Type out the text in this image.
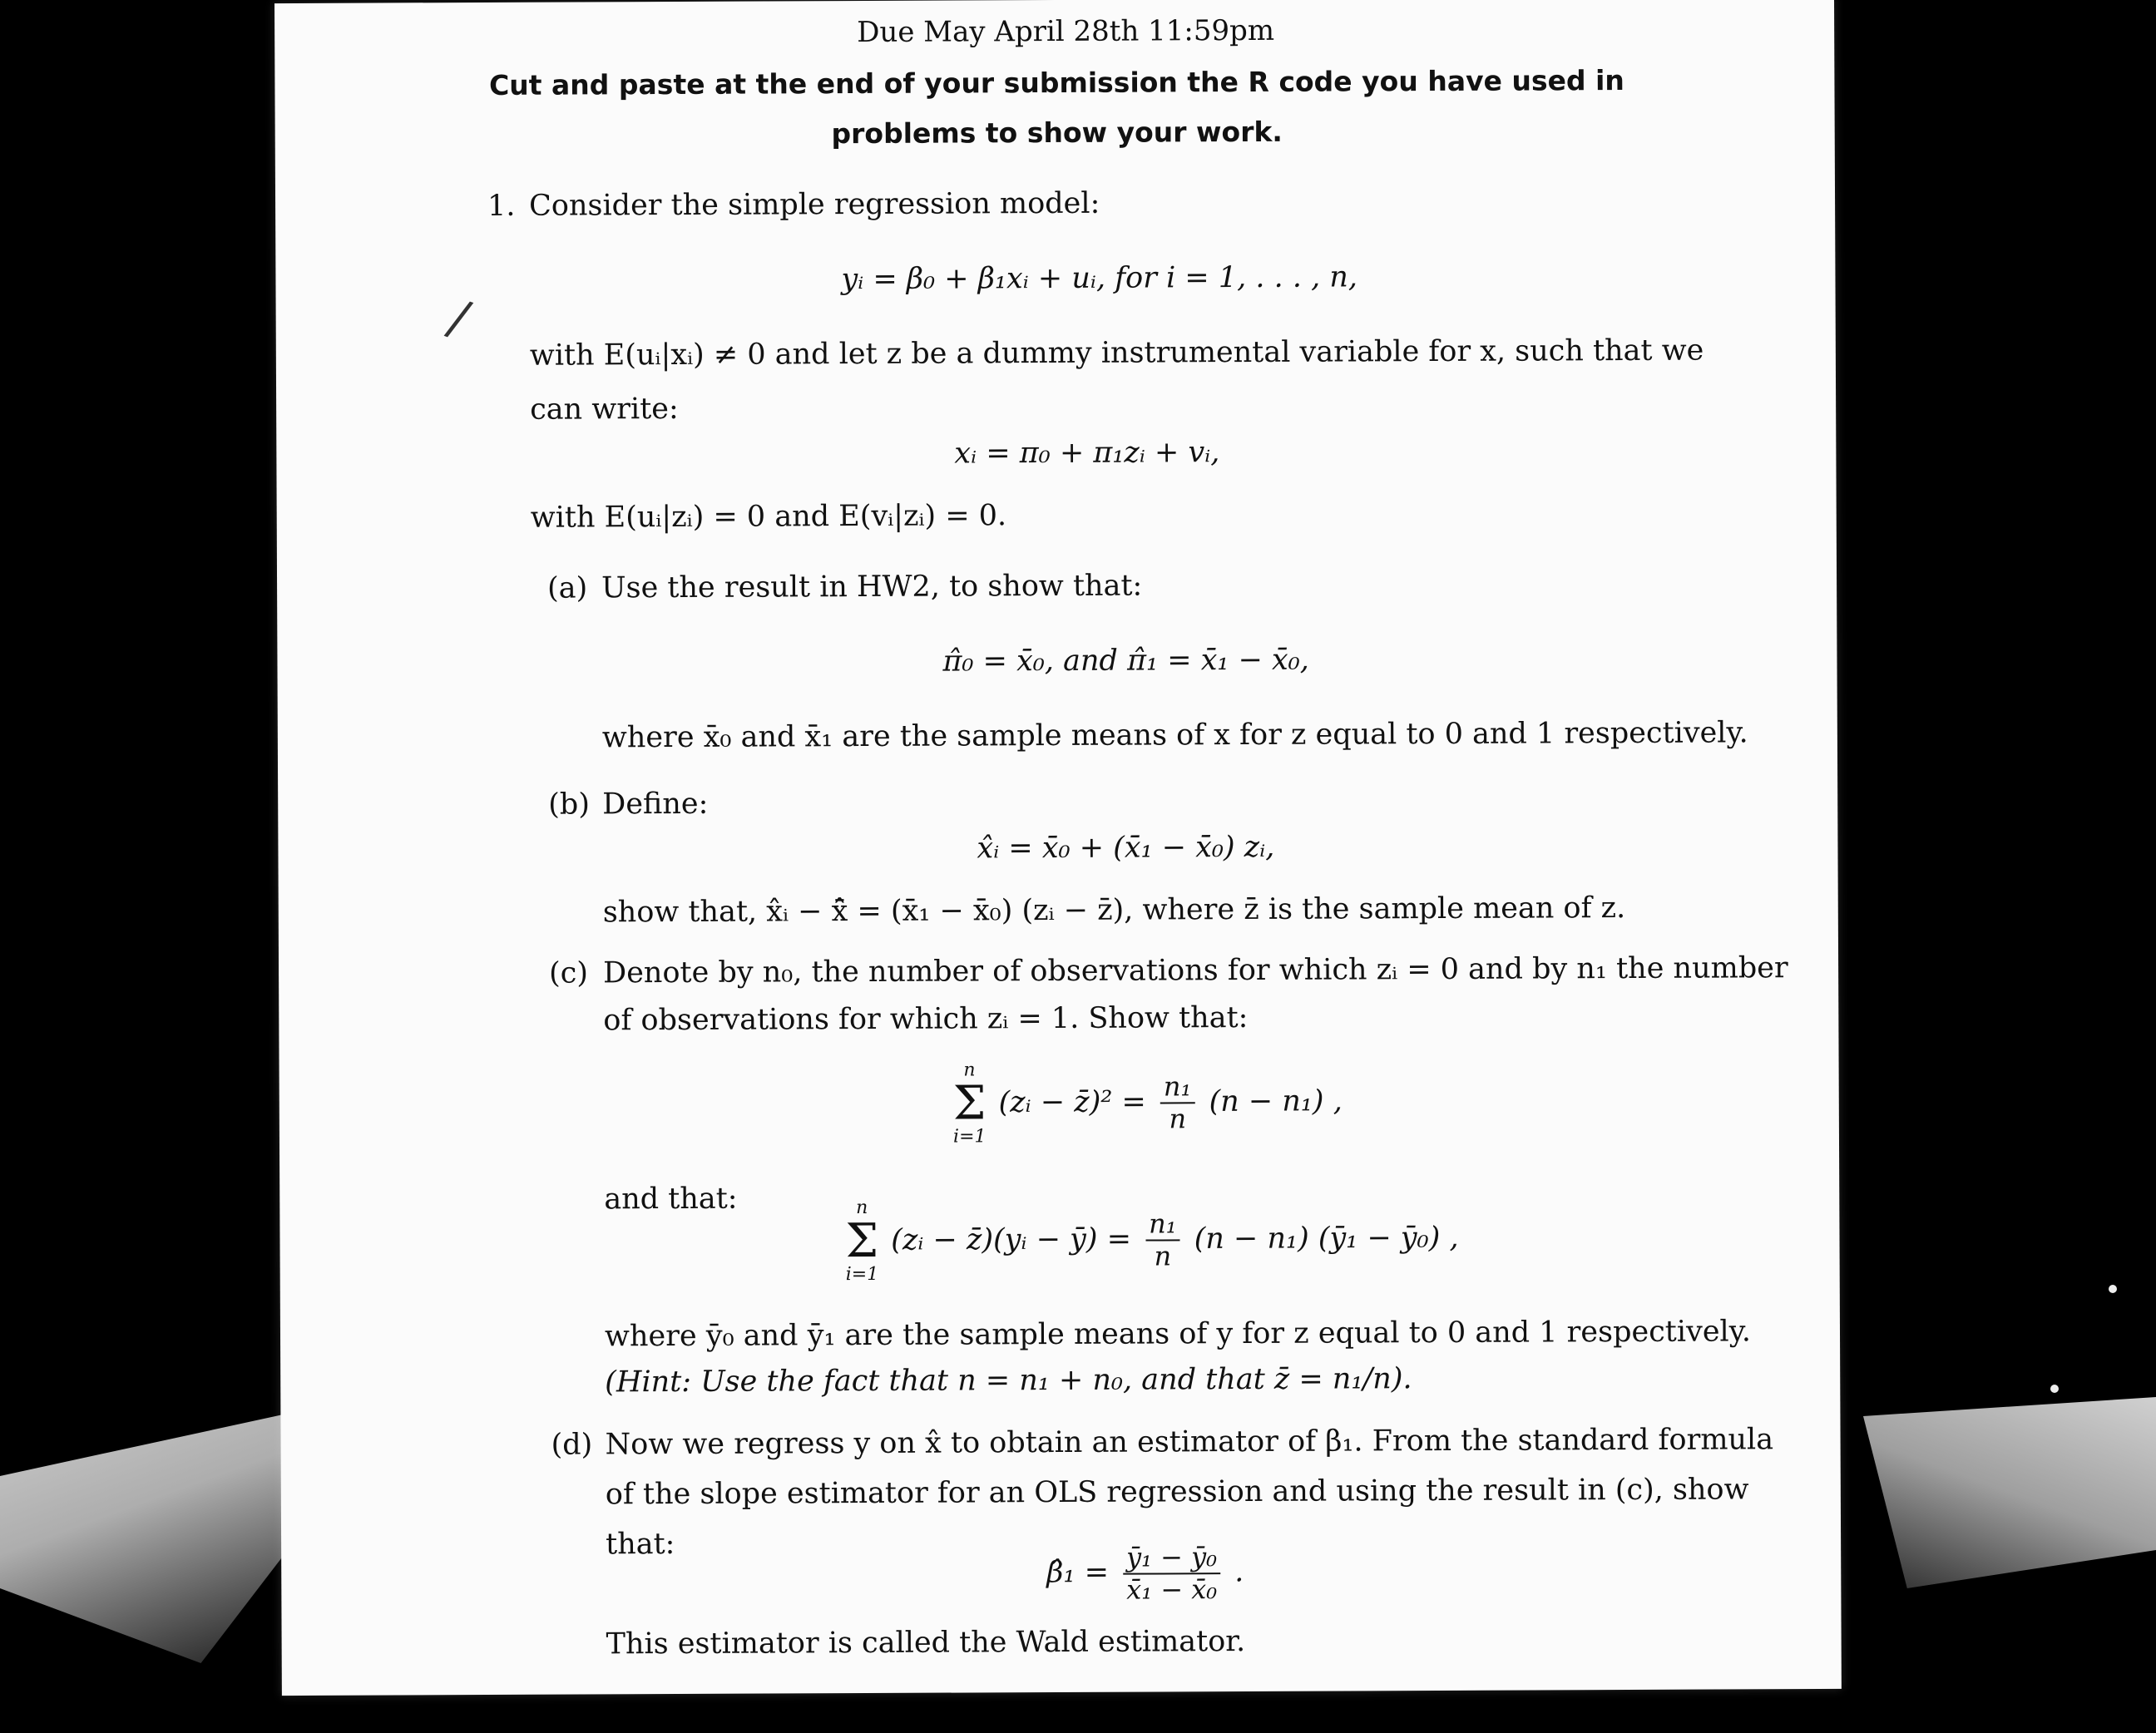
Due May April 28th 11:59pm
Cut and paste at the end of your submission the R code you have used in problems to show your work.
/
1. Consider the simple regression model:
yᵢ = β₀ + β₁xᵢ + uᵢ, for i = 1, . . . , n,
with E(uᵢ|xᵢ) ≠ 0 and let z be a dummy instrumental variable for x, such that we
can write:
xᵢ = π₀ + π₁zᵢ + vᵢ,
with E(uᵢ|zᵢ) = 0 and E(vᵢ|zᵢ) = 0.
(a) Use the result in HW2, to show that:
π̂₀ = x̄₀, and π̂₁ = x̄₁ − x̄₀,
where x̄₀ and x̄₁ are the sample means of x for z equal to 0 and 1 respectively.
(b) Define:
x̂ᵢ = x̄₀ + (x̄₁ − x̄₀) zᵢ,
show that, x̂ᵢ − x̄̂ = (x̄₁ − x̄₀) (zᵢ − z̄), where z̄ is the sample mean of z.
(c) Denote by n₀, the number of observations for which zᵢ = 0 and by n₁ the number
of observations for which zᵢ = 1. Show that:
n
Σ
i=1
(zᵢ − z̄)² = $\frac{\text{n₁}}{n} (n - n_1)$ ,
and that:	n
Σ
i=1
(zᵢ − z̄)(yᵢ − ȳ) = $\frac{\text{n₁}}{n} (n - n_1)$ (ȳ₁ − ȳ₀) ,
where ȳ₀ and ȳ₁ are the sample means of y for z equal to 0 and 1 respectively.
(Hint: Use the fact that n = n₁ + n₀, and that z̄ = n₁/n).
(d) Now we regress y on x̂ to obtain an estimator of β₁. From the standard formula
of the slope estimator for an OLS regression and using the result in (c), show
that:
β̂₁ = $\frac{\text{ȳ₁ − ȳ₀}}{\text{x̄₁ − x̄₀}}$ .
This estimator is called the Wald estimator.
